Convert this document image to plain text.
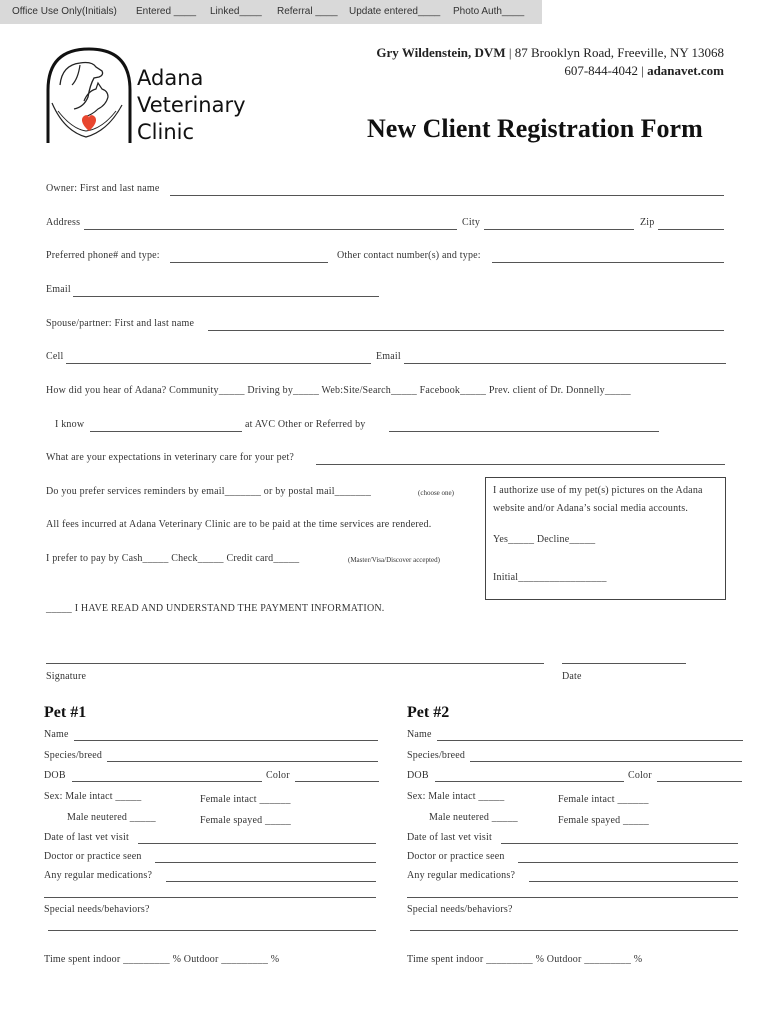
Office Use Only(Initials) Entered ____ Linked____ Referral ____ Update entered____ Photo Auth____
Adana
Veterinary
Clinic
Gry Wildenstein, DVM | 87 Brooklyn Road, Freeville, NY 13068
607-844-4042 | adanavet.com
New Client Registration Form
Owner: First and last name
Address	City	Zip
Preferred phone# and type:	Other contact number(s) and type:
Email
Spouse/partner: First and last name
Cell	Email
How did you hear of Adana? Community_____ Driving by_____ Web:Site/Search_____ Facebook_____ Prev. client of Dr. Donnelly_____
I know	at AVC Other or Referred by
What are your expectations in veterinary care for your pet?
Do you prefer services reminders by email_______ or by postal mail_______	(choose one)
All fees incurred at Adana Veterinary Clinic are to be paid at the time services are rendered.
I prefer to pay by Cash_____ Check_____ Credit card_____	(Master/Visa/Discover accepted)
I authorize use of my pet(s) pictures on the Adana
website and/or Adana’s social media accounts.
Yes_____ Decline_____
Initial_________________
_____ I HAVE READ AND UNDERSTAND THE PAYMENT INFORMATION.
Signature	Date
Pet #1
Name
Species/breed
DOB	Color
Sex: Male intact _____	Female intact ______
Male neutered _____	Female spayed _____
Date of last vet visit
Doctor or practice seen
Any regular medications?
Special needs/behaviors?
Time spent indoor _________ % Outdoor _________ %
Pet #2
Name
Species/breed
DOB	Color
Sex: Male intact _____	Female intact ______
Male neutered _____	Female spayed _____
Date of last vet visit
Doctor or practice seen
Any regular medications?
Special needs/behaviors?
Time spent indoor _________ % Outdoor _________ %
